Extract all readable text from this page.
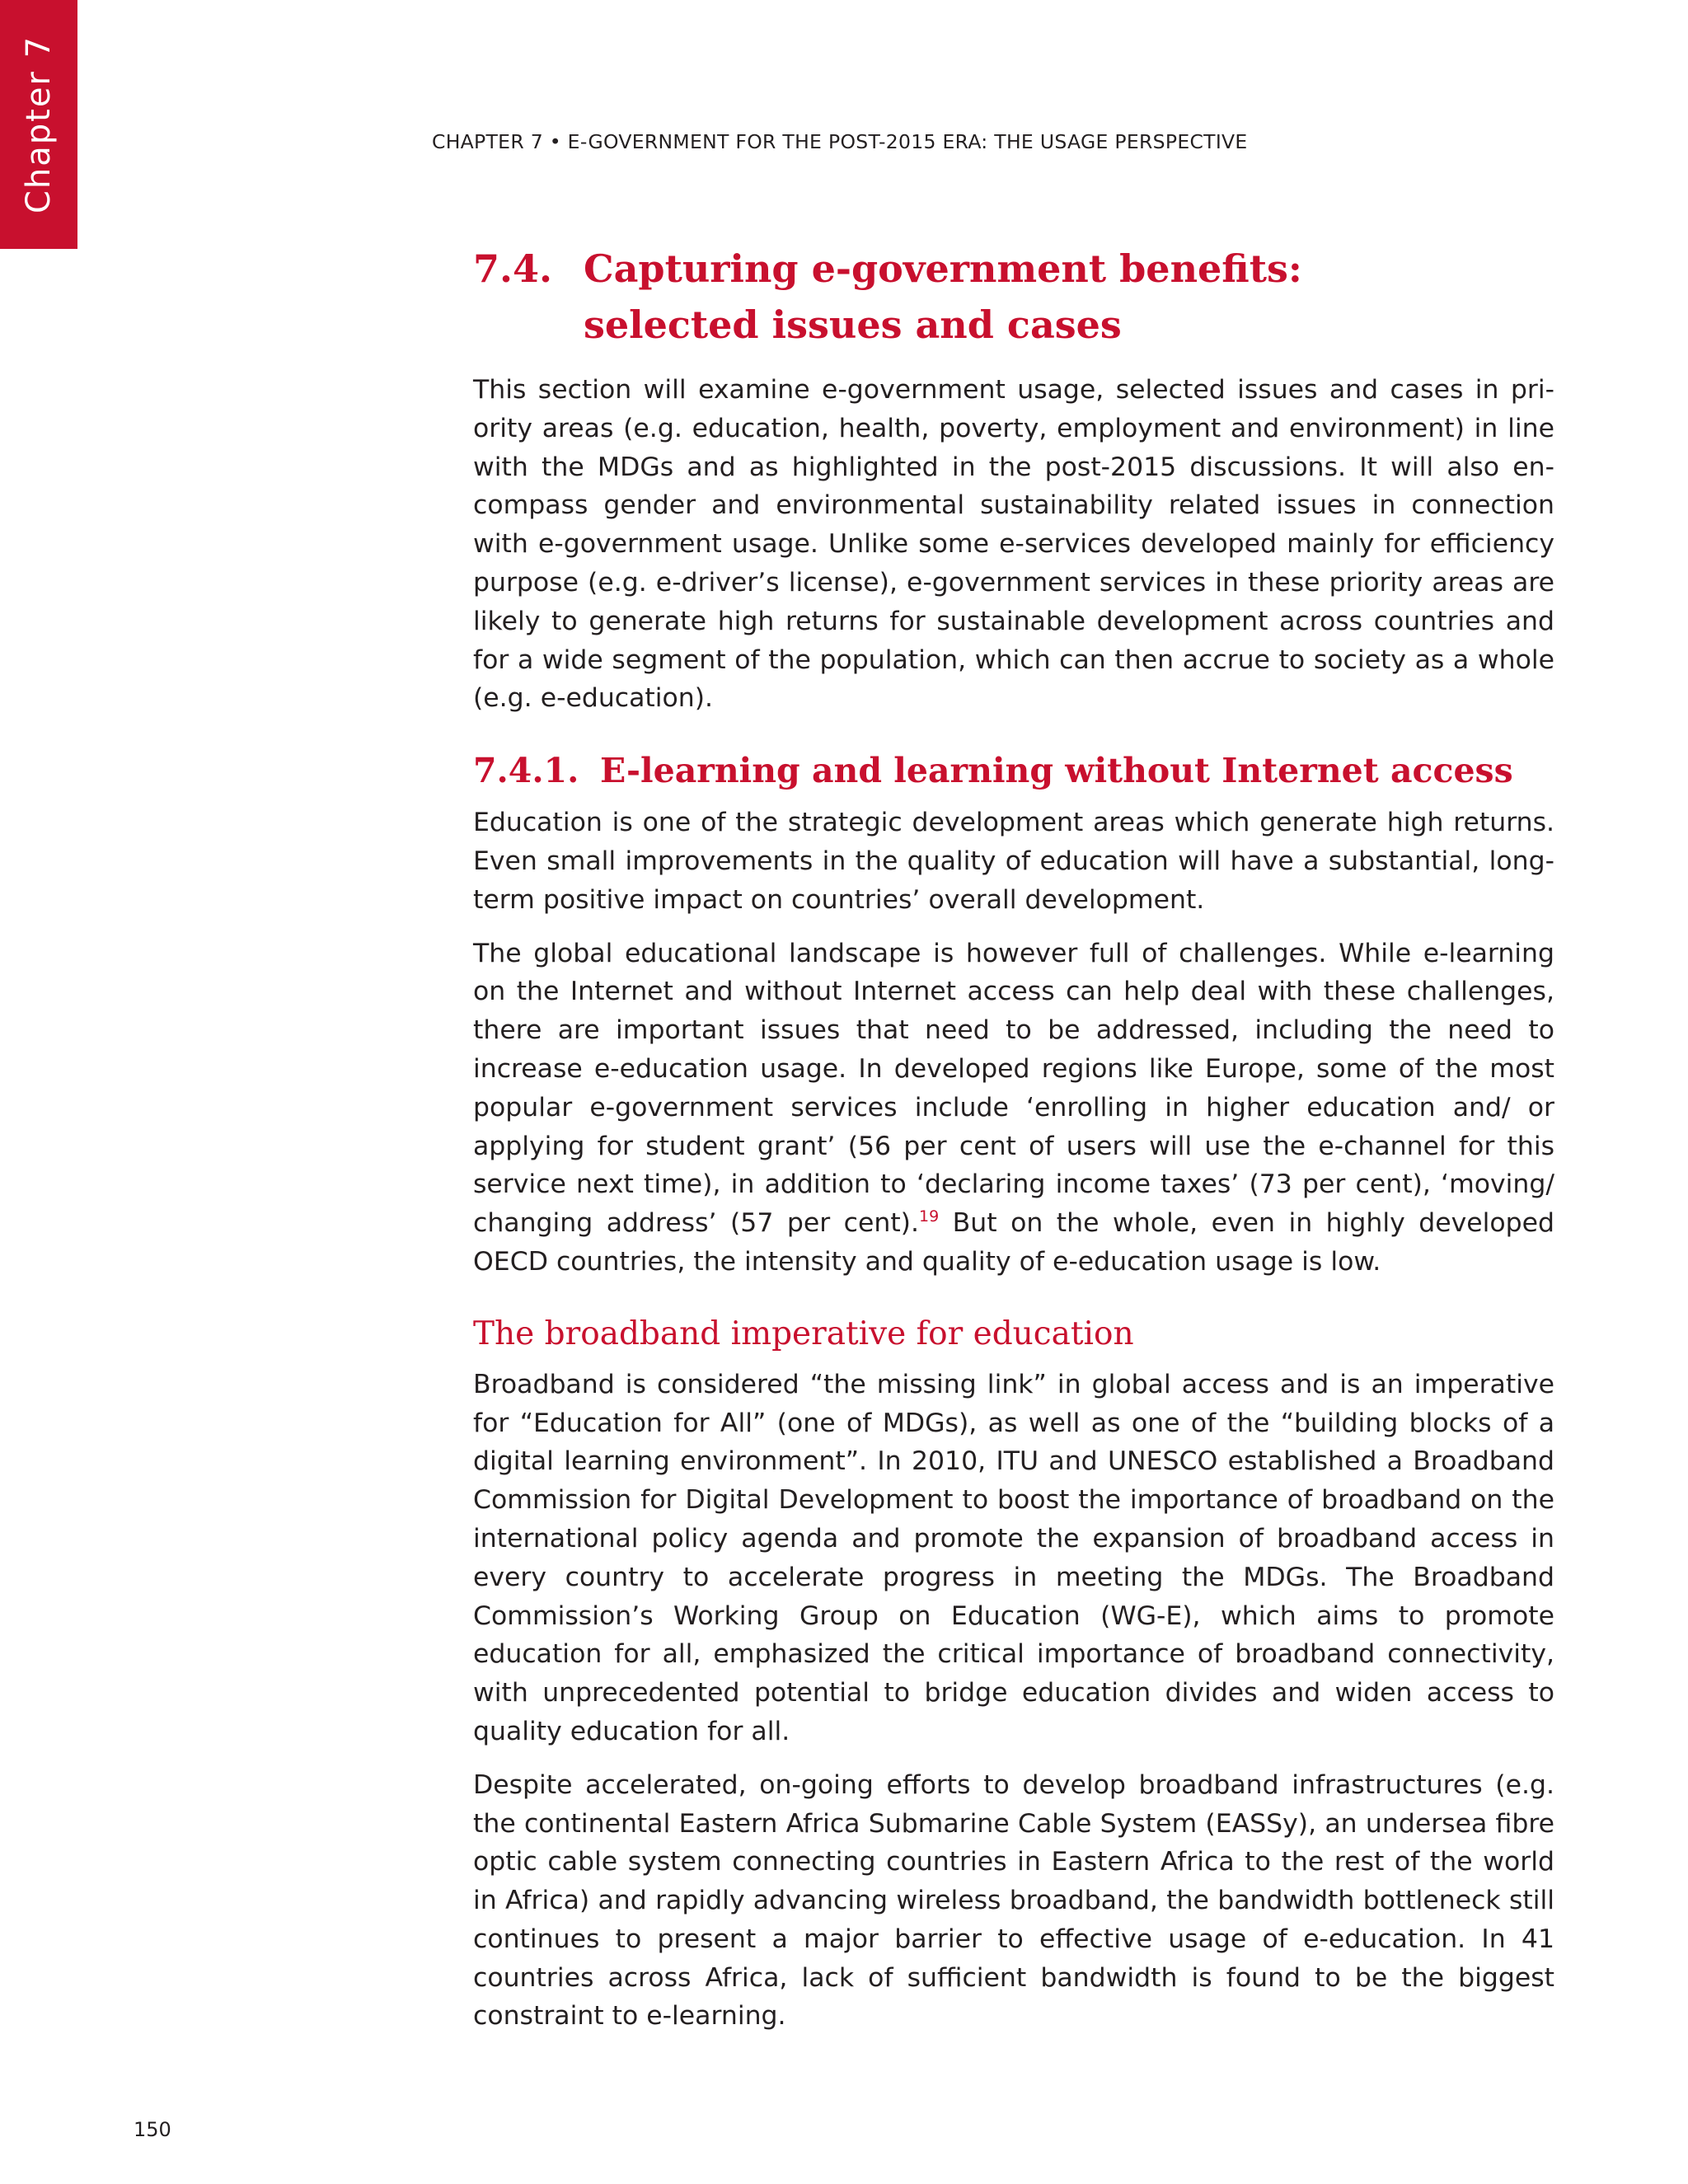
Chapter 7	CHAPTER 7 • E-GOVERNMENT FOR THE POST-2015 ERA: THE USAGE PERSPECTIVE
7.4. Capturing e-government benefits: selected issues and cases

This section will examine e-government usage, selected issues and cases in priority areas (e.g. education, health, poverty, employment and environment) in line with the MDGs and as highlighted in the post-2015 discussions. It will also encompass gender and environmental sustainability related issues in connection with e-government usage. Unlike some e-services developed mainly for efficiency purpose (e.g. e-driver’s license), e-government services in these priority areas are likely to generate high returns for sustainable development across countries and for a wide segment of the population, which can then accrue to society as a whole (e.g. e-education).

7.4.1. E-learning and learning without Internet access

Education is one of the strategic development areas which generate high returns. Even small improvements in the quality of education will have a substantial, longterm positive impact on countries’ overall development.

The global educational landscape is however full of challenges. While e-learning on the Internet and without Internet access can help deal with these challenges, there are important issues that need to be addressed, including the need to increase e-education usage. In developed regions like Europe, some of the most popular e-government services include ‘enrolling in higher education and/ or applying for student grant’ (56 per cent of users will use the e-channel for this service next time), in addition to ‘declaring income taxes’ (73 per cent), ‘moving/ changing address’ (57 per cent).$^{19}$ But on the whole, even in highly developed OECD countries, the intensity and quality of e-education usage is low.

The broadband imperative for education

Broadband is considered “the missing link” in global access and is an imperative for “Education for All” (one of MDGs), as well as one of the “building blocks of a digital learning environment”. In 2010, ITU and UNESCO established a Broadband Commission for Digital Development to boost the importance of broadband on the international policy agenda and promote the expansion of broadband access in every country to accelerate progress in meeting the MDGs. The Broadband Commission’s Working Group on Education (WG-E), which aims to promote education for all, emphasized the critical importance of broadband connectivity, with unprecedented potential to bridge education divides and widen access to quality education for all.

Despite accelerated, on-going efforts to develop broadband infrastructures (e.g. the continental Eastern Africa Submarine Cable System (EASSy), an undersea fibre optic cable system connecting countries in Eastern Africa to the rest of the world in Africa) and rapidly advancing wireless broadband, the bandwidth bottleneck still continues to present a major barrier to effective usage of e-education. In 41 countries across Africa, lack of sufficient bandwidth is found to be the biggest constraint to e-learning.

150
